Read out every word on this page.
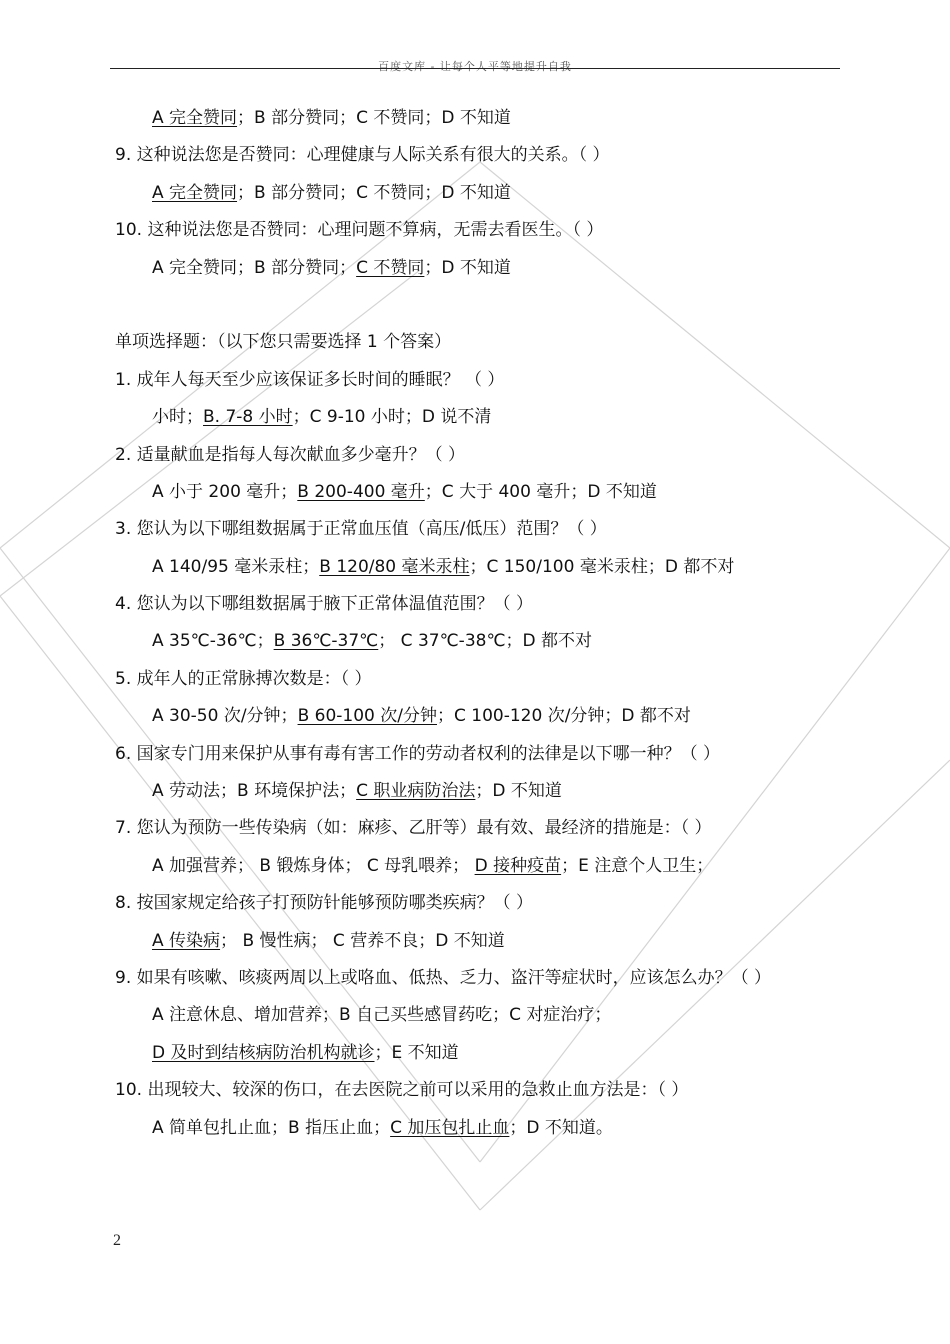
百度文库 - 让每个人平等地提升自我
A 完全赞同；B 部分赞同；C 不赞同；D 不知道
9. 这种说法您是否赞同：心理健康与人际关系有很大的关系。（ ）
A 完全赞同；B 部分赞同；C 不赞同；D 不知道
10. 这种说法您是否赞同：心理问题不算病，无需去看医生。（ ）
A 完全赞同；B 部分赞同；C 不赞同；D 不知道
单项选择题：（以下您只需要选择 1 个答案）
1. 成年人每天至少应该保证多长时间的睡眠？ （ ）
小时；B. 7-8 小时；C 9-10 小时；D 说不清
2. 适量献血是指每人每次献血多少毫升？（ ）
A 小于 200 毫升；B 200-400 毫升；C 大于 400 毫升；D 不知道
3. 您认为以下哪组数据属于正常血压值（高压/低压）范围？（ ）
A 140/95 毫米汞柱；B 120/80 毫米汞柱；C 150/100 毫米汞柱；D 都不对
4. 您认为以下哪组数据属于腋下正常体温值范围？（ ）
A 35℃-36℃；B 36℃-37℃； C 37℃-38℃；D 都不对
5. 成年人的正常脉搏次数是：（ ）
A 30-50 次/分钟；B 60-100 次/分钟；C 100-120 次/分钟；D 都不对
6. 国家专门用来保护从事有毒有害工作的劳动者权利的法律是以下哪一种？（ ）
A 劳动法；B 环境保护法；C 职业病防治法；D 不知道
7. 您认为预防一些传染病（如：麻疹、乙肝等）最有效、最经济的措施是：（ ）
A 加强营养； B 锻炼身体； C 母乳喂养； D 接种疫苗；E 注意个人卫生；
8. 按国家规定给孩子打预防针能够预防哪类疾病？（ ）
A 传染病； B 慢性病； C 营养不良；D 不知道
9. 如果有咳嗽、咳痰两周以上或咯血、低热、乏力、盗汗等症状时，应该怎么办？（ ）
A 注意休息、增加营养；B 自己买些感冒药吃；C 对症治疗；
D 及时到结核病防治机构就诊；E 不知道
10. 出现较大、较深的伤口，在去医院之前可以采用的急救止血方法是：（ ）
A 简单包扎止血；B 指压止血；C 加压包扎止血；D 不知道。
2
